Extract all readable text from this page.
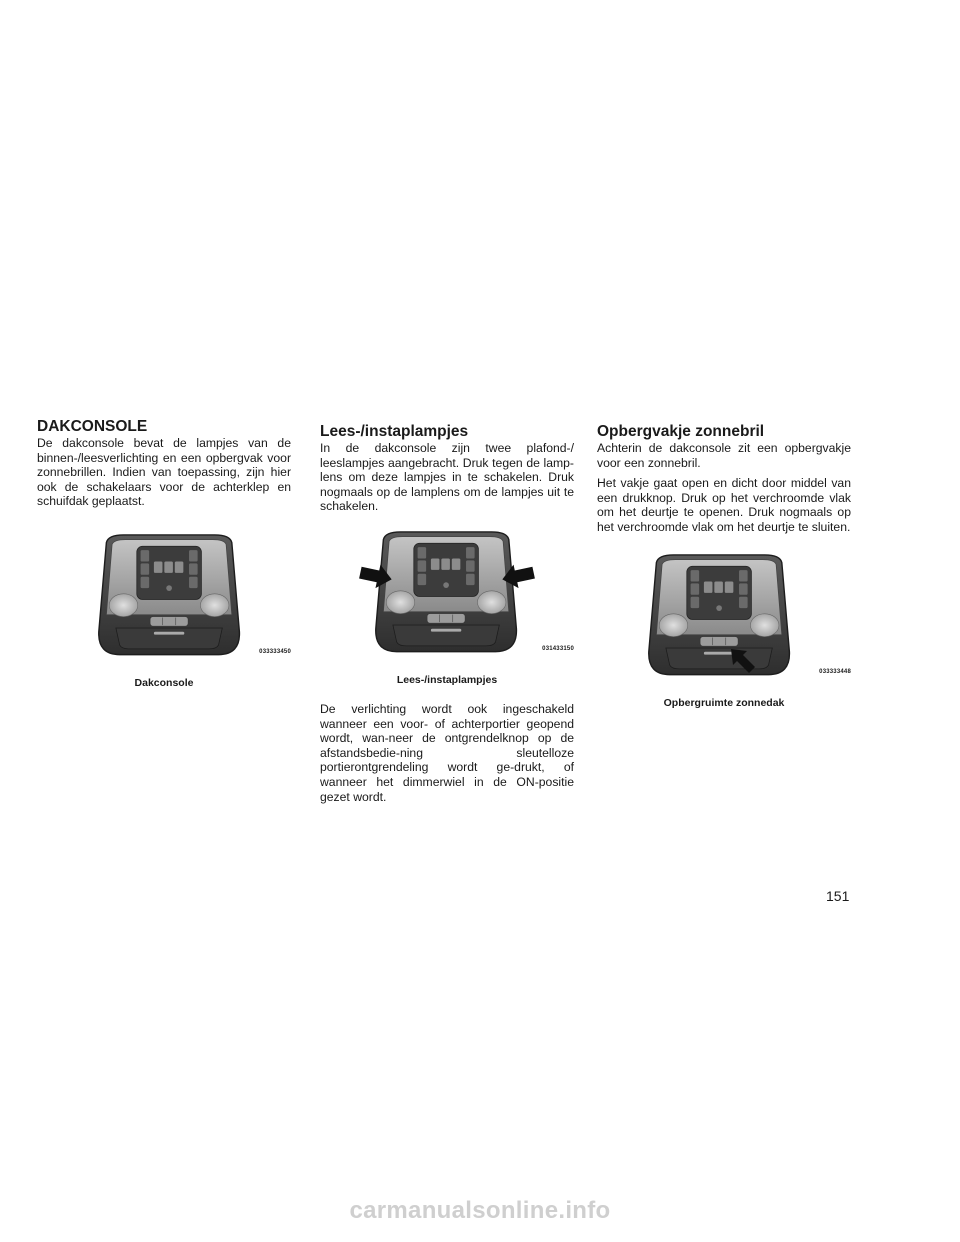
DAKCONSOLE
De dakconsole bevat de lampjes van de binnen-/leesverlichting en een opbergvak voor zonnebrillen. Indien van toepassing, zijn hier ook de schakelaars voor de achterklep en schuifdak geplaatst.
033333450
Dakconsole
Lees-/instaplampjes
In de dakconsole zijn twee plafond-/ leeslampjes aangebracht. Druk tegen de lamp-lens om deze lampjes in te schakelen. Druk nogmaals op de lamplens om de lampjes uit te schakelen.
031433150
Lees-/instaplampjes
De verlichting wordt ook ingeschakeld wanneer een voor- of achterportier geopend wordt, wan-neer de ontgrendelknop op de afstandsbedie-ning sleutelloze portierontgrendeling wordt ge-drukt, of wanneer het dimmerwiel in de ON-positie gezet wordt.
Opbergvakje zonnebril
Achterin de dakconsole zit een opbergvakje voor een zonnebril.
Het vakje gaat open en dicht door middel van een drukknop. Druk op het verchroomde vlak om het deurtje te openen. Druk nogmaals op het verchroomde vlak om het deurtje te sluiten.
033333448
Opbergruimte zonnedak
151
carmanualsonline.info
